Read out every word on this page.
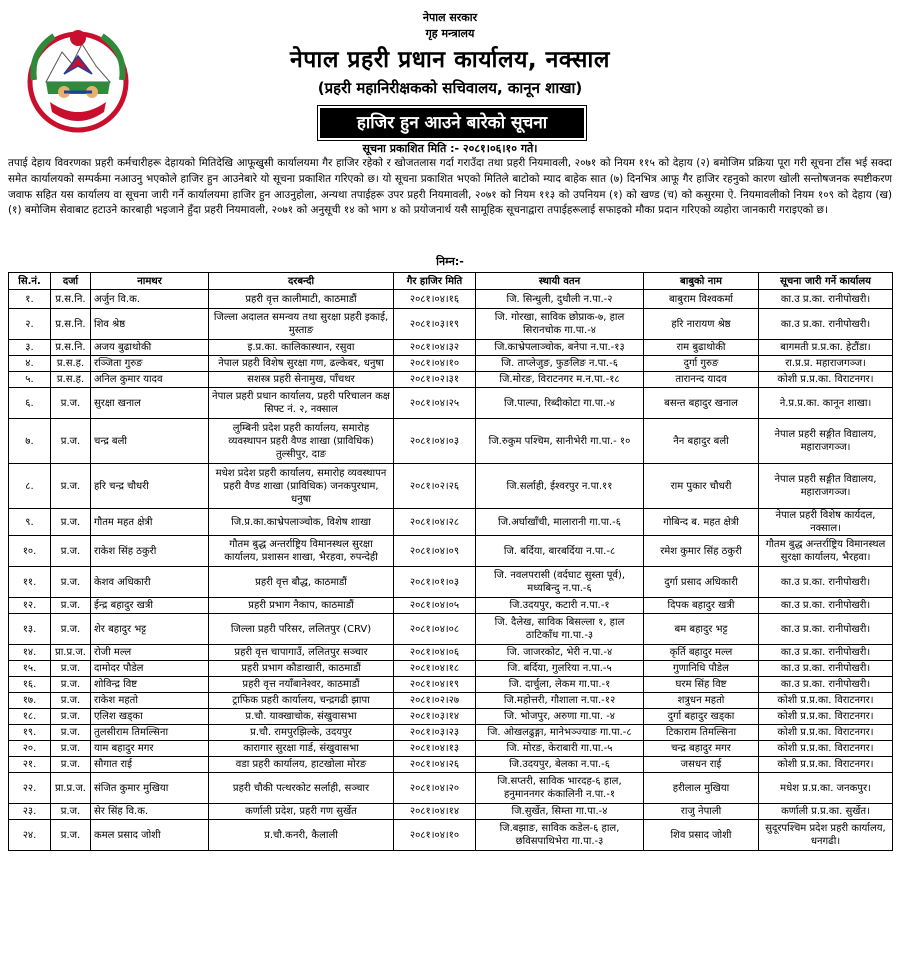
नेपाल सरकार
गृह मन्त्रालय
नेपाल प्रहरी प्रधान कार्यालय, नक्साल
(प्रहरी महानिरीक्षकको सचिवालय, कानून शाखा)
हाजिर हुन आउने बारेको सूचना
सूचना प्रकाशित मिति :- २०८१।०६।१० गते।
तपाई देहाय विवरणका प्रहरी कर्मचारीहरू देहायको मितिदेखि आफूखुसी कार्यालयमा गैर हाजिर रहेको र खोजतलास गर्दा गराउँदा तथा प्रहरी नियमावली, २०७१ को नियम ११५ को देहाय (२) बमोजिम प्रक्रिया पूरा गरी सूचना टाँस भई सक्दा समेत कार्यालयको सम्पर्कमा नआउनु भएकोले हाजिर हुन आउनेबारे यो सूचना प्रकाशित गरिएको छ। यो सूचना प्रकाशित भएको मितिले बाटोको म्याद बाहेक सात (७) दिनभित्र आफू गैर हाजिर रहनुको कारण खोली सन्तोषजनक स्पष्टीकरण जवाफ सहित यस कार्यालय वा सूचना जारी गर्ने कार्यालयमा हाजिर हुन आउनुहोला, अन्यथा तपाईहरू उपर प्रहरी नियमावली, २०७१ को नियम ११३ को उपनियम (१) को खण्ड (च) को कसुरमा ऐ. नियमावलीको नियम १०९ को देहाय (ख) (१) बमोजिम सेवाबाट हटाउने कारबाही भइजाने हुँदा प्रहरी नियमावली, २०७१ को अनुसूची १४ को भाग ४ को प्रयोजनार्थ यसै सामूहिक सूचनाद्वारा तपाईहरूलाई सफाइको मौका प्रदान गरिएको व्यहोरा जानकारी गराइएको छ।
निम्न:-
सि.नं.	दर्जा	नामथर	दरबन्दी	गैर हाजिर मिति	स्थायी वतन	बाबुको नाम	सूचना जारी गर्ने कार्यालय
१.	प्र.स.नि.	अर्जुन वि.क.	प्रहरी वृत्त कालीमाटी, काठमाडौं	२०८१।०४।१६	जि. सिन्धुली, दुधौली न.पा.-२	बाबुराम विश्वकर्मा	का.उ प्र.का. रानीपोखरी।
२.	प्र.स.नि.	शिव श्रेष्ठ	जिल्ला अदालत समन्वय तथा सुरक्षा प्रहरी इकाई, मुस्ताङ	२०८१।०३।१९	जि. गोरखा, साविक छोप्राक-७, हाल सिरानचोक गा.पा.-४	हरि नारायण श्रेष्ठ	का.उ प्र.का. रानीपोखरी।
३.	प्र.स.नि.	अजय बुढाथोकी	इ.प्र.का. कालिकास्थान, रसुवा	२०८१।०४।३२	जि.काभ्रेपलाञ्चोक, बनेपा न.पा.-१३	राम बुढाथोकी	बागमती प्र.प्र.का. हेटौंडा।
४.	प्र.स.ह.	रञ्जिता गुरुङ	नेपाल प्रहरी विशेष सुरक्षा गण, ढल्केबर, धनुषा	२०८१।०४।१०	जि. ताप्लेजुङ, फुङलिङ न.पा.-६	दुर्गा गुरुङ	रा.प्र.प्र. महाराजगञ्ज।
५.	प्र.स.ह.	अनिल कुमार यादव	सशस्त्र प्रहरी सेनामुख, पाँचथर	२०८१।०२।३१	जि.मोरङ, विराटनगर म.न.पा.-१८	तारानन्द यादव	कोशी प्र.प्र.का. विराटनगर।
६.	प्र.ज.	सुरक्षा खनाल	नेपाल प्रहरी प्रधान कार्यालय, प्रहरी परिचालन कक्ष सिफ्ट नं. २, नक्साल	२०८१।०४।२५	जि.पाल्पा, रिब्दीकोटा गा.पा.-४	बसन्त बहादुर खनाल	ने.प्र.प्र.का. कानून शाखा।
७.	प्र.ज.	चन्द्र बली	लुम्बिनी प्रदेश प्रहरी कार्यालय, समारोह व्यवस्थापन प्रहरी वैण्ड शाखा (प्राविधिक) तुल्सीपुर, दाङ	२०८१।०४।०३	जि.रुकुम पश्चिम, सानीभेरी गा.पा.- १०	नैन बहादुर बली	नेपाल प्रहरी सङ्गीत विद्यालय, महाराजगञ्ज।
८.	प्र.ज.	हरि चन्द्र चौधरी	मधेश प्रदेश प्रहरी कार्यालय, समारोह व्यवस्थापन प्रहरी वैण्ड शाखा (प्राविधिक) जनकपुरधाम, धनुषा	२०८१।०२।२६	जि.सर्लाही, ईश्वरपुर न.पा.११	राम पुकार चौधरी	नेपाल प्रहरी सङ्गीत विद्यालय, महाराजगञ्ज।
९.	प्र.ज.	गौतम महत क्षेत्री	जि.प्र.का.काभ्रेपलाञ्चोक, विशेष शाखा	२०८१।०४।२८	जि.अर्घाखाँची, मालारानी गा.पा.-६	गोबिन्द ब. महत क्षेत्री	नेपाल प्रहरी विशेष कार्यदल, नक्साल।
१०.	प्र.ज.	राकेश सिंह ठकुरी	गौतम बुद्ध अन्तर्राष्ट्रिय विमानस्थल सुरक्षा कार्यालय, प्रशासन शाखा, भैरहवा, रुपन्देही	२०८१।०४।०९	जि. बर्दिया, बारबर्दिया न.पा.-८	रमेश कुमार सिंह ठकुरी	गौतम बुद्ध अन्तर्राष्ट्रिय विमानस्थल सुरक्षा कार्यालय, भैरहवा।
११.	प्र.ज.	केशव अधिकारी	प्रहरी वृत्त बौद्ध, काठमाडौं	२०८१।०१।०३	जि. नवलपरासी (वर्दघाट सुस्ता पूर्व), मध्यबिन्दु न.पा.-६	दुर्गा प्रसाद अधिकारी	का.उ प्र.का. रानीपोखरी।
१२.	प्र.ज.	ईन्द्र बहादुर खत्री	प्रहरी प्रभाग नैकाप, काठमाडौं	२०८१।०४।०५	जि.उदयपुर, कटारी न.पा.-१	दिपक बहादुर खत्री	का.उ प्र.का. रानीपोखरी।
१३.	प्र.ज.	शेर बहादुर भट्ट	जिल्ला प्रहरी परिसर, ललितपुर (CRV)	२०८१।०४।०८	जि. दैलेख, साविक बिसल्ला १, हाल ठाटिकाँध गा.पा.-३	बम बहादुर भट्ट	का.उ प्र.का. रानीपोखरी।
१४.	प्रा.प्र.ज.	रोजी मल्ल	प्रहरी वृत्त चापागाउँ, ललितपुर सञ्चार	२०८१।०४।०६	जि. जाजरकोट, भेरी न.पा.-४	कृर्ति बहादुर मल्ल	का.उ प्र.का. रानीपोखरी।
१५.	प्र.ज.	दामोदर पौडेल	प्रहरी प्रभाग कौडाखारी, काठमाडौं	२०८१।०४।१८	जि. बर्दिया, गुलरिया न.पा.-५	गुणानिधि पौडेल	का.उ प्र.का. रानीपोखरी।
१६.	प्र.ज.	शोविन्द्र विष्ट	प्रहरी वृत्त नयाँबानेश्वर, काठमाडौं	२०८१।०४।१९	जि. दार्चुला, लेकम गा.पा.-१	घरम सिंह विष्ट	का.उ प्र.का. रानीपोखरी।
१७.	प्र.ज.	राकेश महतो	ट्राफिक प्रहरी कार्यालय, चन्द्रगढी झापा	२०८१।०२।२७	जि.महोत्तरी, गौशाला न.पा.-१२	शत्रुधन महतो	कोशी प्र.प्र.का. विराटनगर।
१८.	प्र.ज.	एलिश खड्का	प्र.चौ. याक्खाचोक, संखुवासभा	२०८१।०३।१४	जि. भोजपुर, अरुणा गा.पा. -४	दुर्गा बहादुर खड्का	कोशी प्र.प्र.का. विराटनगर।
१९.	प्र.ज.	तुलसीराम तिमल्सिना	प्र.चौ. रामपुरझिल्के, उदयपुर	२०८१।०३।२३	जि. ओखलढुङ्गा, मानेभञ्ज्याङ गा.पा.-८	टिकाराम तिमल्सिना	कोशी प्र.प्र.का. विराटनगर।
२०.	प्र.ज.	याम बहादुर मगर	कारागार सुरक्षा गार्ड, संखुवासभा	२०८१।०४।१३	जि. मोरङ, केराबारी गा.पा.-५	चन्द्र बहादुर मगर	कोशी प्र.प्र.का. विराटनगर।
२१.	प्र.ज.	सौगात राई	वडा प्रहरी कार्यालय, हाटखोला मोरङ	२०८१।०४।२६	जि.उदयपुर, बेलका न.पा.-६	जसधन राई	कोशी प्र.प्र.का. विराटनगर।
२२.	प्रा.प्र.ज.	संजित कुमार मुखिया	प्रहरी चौकी पत्थरकोट सर्लाही, सञ्चार	२०८१।०४।२०	जि.सप्तरी, साविक भारदह-६ हाल, हनुमाननगर कंकालिनी न.पा.-१	हरीलाल मुखिया	मधेश प्र.प्र.का. जनकपुर।
२३.	प्र.ज.	सेर सिंह वि.क.	कर्णाली प्रदेश, प्रहरी गण सुर्खेत	२०८१।०४।१४	जि.सुर्खेत, सिम्ता गा.पा.-४	राजु नेपाली	कर्णाली प्र.प्र.का. सुर्खेत।
२४.	प्र.ज.	कमल प्रसाद जोशी	प्र.चौ.कनरी, कैलाली	२०८१।०४।१०	जि.बझाङ, साविक कडेल-६ हाल, छविसपाथिभेरा गा.पा.-३	शिव प्रसाद जोशी	सुदूरपश्चिम प्रदेश प्रहरी कार्यालय, धनगढी।
